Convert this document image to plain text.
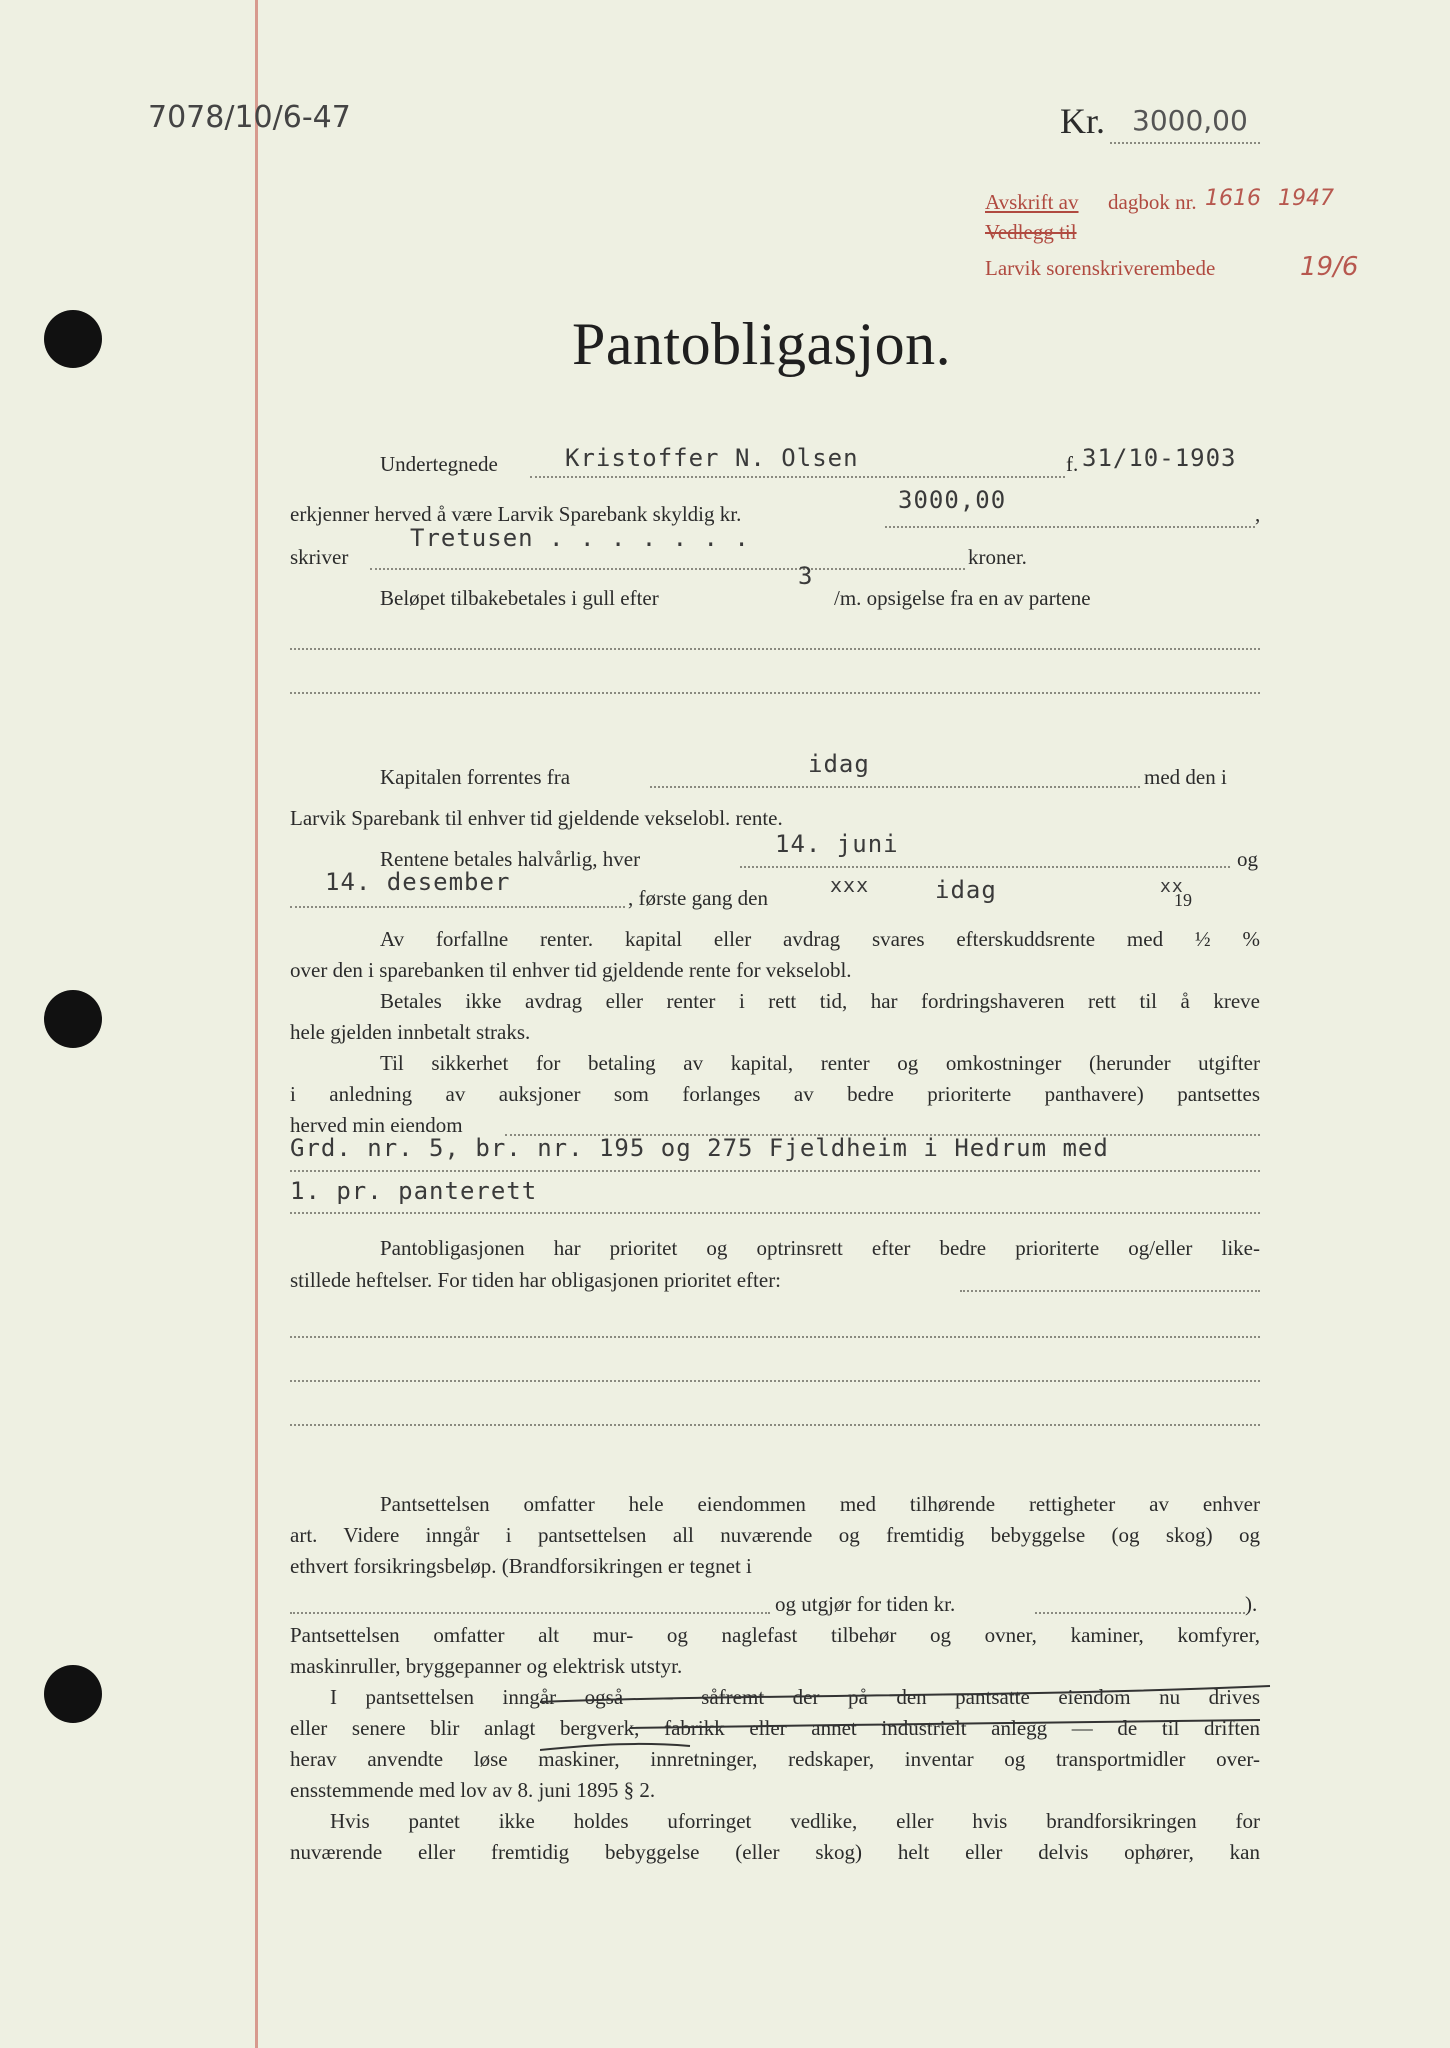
7078/10/6-47	Kr. 3000,00
Avskrift av dagbok nr. 1616 1947
Vedlegg til
Larvik sorenskriverembede	19/6
Pantobligasjon.
Undertegnede	Kristoffer N. Olsen	f. 31/10-1903
erkjenner herved å være Larvik Sparebank skyldig kr.	3000,00	,
skriver
Tretusen . . . . . . .
kroner.
Beløpet tilbakebetales i gull efter
3
/m. opsigelse fra en av partene
Kapitalen forrentes fra	idag	med den i
Larvik Sparebank til enhver tid gjeldende vekselobl. rente.
Rentene betales halvårlig, hver
14. juni
og
14. desember
, første gang den
xxx	idag	xx
19
Av forfallne renter. kapital eller avdrag svares efterskuddsrente med ½ %
over den i sparebanken til enhver tid gjeldende rente for vekselobl.
Betales ikke avdrag eller renter i rett tid, har fordringshaveren rett til å kreve
hele gjelden innbetalt straks.
Til sikkerhet for betaling av kapital, renter og omkostninger (herunder utgifter
i anledning av auksjoner som forlanges av bedre prioriterte panthavere) pantsettes
herved min eiendom
Grd. nr. 5, br. nr. 195 og 275 Fjeldheim i Hedrum med
1. pr. panterett
Pantobligasjonen har prioritet og optrinsrett efter bedre prioriterte og/eller like-
stillede heftelser. For tiden har obligasjonen prioritet efter:
Pantsettelsen omfatter hele eiendommen med tilhørende rettigheter av enhver
art. Videre inngår i pantsettelsen all nuværende og fremtidig bebyggelse (og skog) og
ethvert forsikringsbeløp. (Brandforsikringen er tegnet i
og utgjør for tiden kr.	).
Pantsettelsen omfatter alt mur- og naglefast tilbehør og ovner, kaminer, komfyrer,
maskinruller, bryggepanner og elektrisk utstyr.
I pantsettelsen inngår også — såfremt der på den pantsatte eiendom nu drives
eller senere blir anlagt bergverk, fabrikk eller annet industrielt anlegg — de til driften
herav anvendte løse maskiner, innretninger, redskaper, inventar og transportmidler over-
ensstemmende med lov av 8. juni 1895 § 2.
Hvis pantet ikke holdes uforringet vedlike, eller hvis brandforsikringen for
nuværende eller fremtidig bebyggelse (eller skog) helt eller delvis ophører, kan
